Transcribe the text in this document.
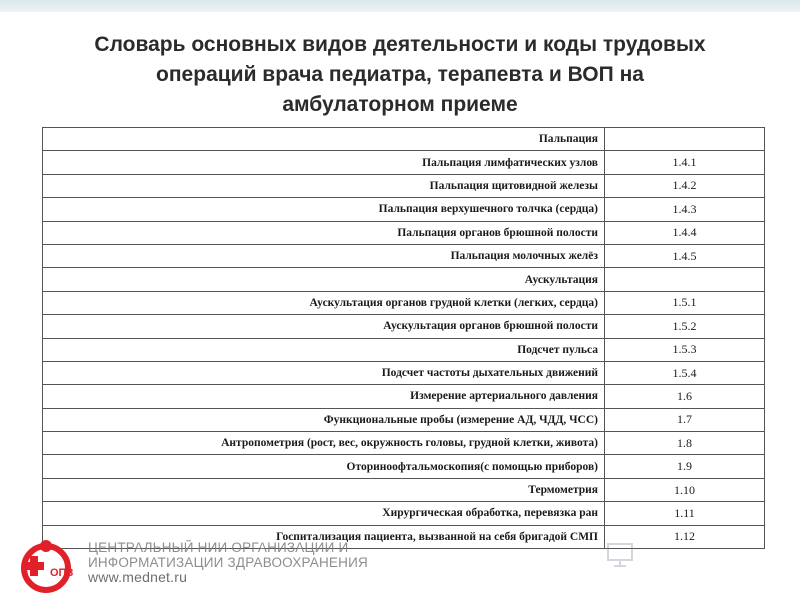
Словарь основных видов деятельности и коды трудовых
операций врача педиатра, терапевта и ВОП на
амбулаторном приеме
Пальпация	
Пальпация лимфатических узлов	1.4.1
Пальпация щитовидной железы	1.4.2
Пальпация верхушечного толчка (сердца)	1.4.3
Пальпация органов брюшной полости	1.4.4
Пальпация молочных желёз	1.4.5
Аускультация	
Аускультация органов грудной клетки (легких, сердца)	1.5.1
Аускультация органов брюшной полости	1.5.2
Подсчет пульса	1.5.3
Подсчет частоты дыхательных движений	1.5.4
Измерение артериального давления	1.6
Функциональные пробы (измерение АД, ЧДД, ЧСС)	1.7
Антропометрия (рост, вес, окружность головы, грудной клетки, живота)	1.8
Оториноофтальмоскопия(с помощью приборов)	1.9
Термометрия	1.10
Хирургическая обработка, перевязка ран	1.11
Госпитализация пациента, вызванной на себя бригадой СМП	1.12
ОПЗ
ЦЕНТРАЛЬНЫЙ НИИ ОРГАНИЗАЦИИ И
ИНФОРМАТИЗАЦИИ ЗДРАВООХРАНЕНИЯ
www.mednet.ru
